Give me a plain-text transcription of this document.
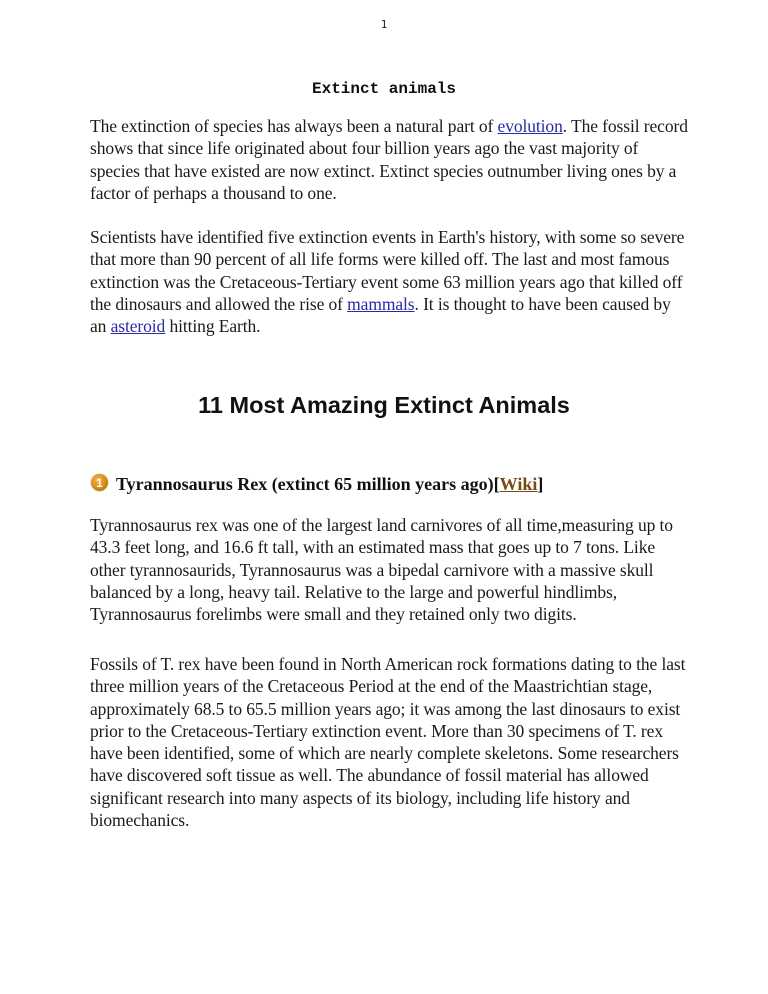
1
Extinct animals

The extinction of species has always been a natural part of evolution. The fossil record shows that since life originated about four billion years ago the vast majority of species that have existed are now extinct. Extinct species outnumber living ones by a factor of perhaps a thousand to one.

Scientists have identified five extinction events in Earth's history, with some so severe that more than 90 percent of all life forms were killed off. The last and most famous extinction was the Cretaceous-Tertiary event some 63 million years ago that killed off the dinosaurs and allowed the rise of mammals. It is thought to have been caused by an asteroid hitting Earth.

11 Most Amazing Extinct Animals
1 Tyrannosaurus Rex (extinct 65 million years ago) [ Wiki ]

Tyrannosaurus rex was one of the largest land carnivores of all time,measuring up to 43.3 feet long, and 16.6 ft tall, with an estimated mass that goes up to 7 tons. Like other tyrannosaurids, Tyrannosaurus was a bipedal carnivore with a massive skull balanced by a long, heavy tail. Relative to the large and powerful hindlimbs, Tyrannosaurus forelimbs were small and they retained only two digits.

Fossils of T. rex have been found in North American rock formations dating to the last three million years of the Cretaceous Period at the end of the Maastrichtian stage, approximately 68.5 to 65.5 million years ago; it was among the last dinosaurs to exist prior to the Cretaceous-Tertiary extinction event. More than 30 specimens of T. rex have been identified, some of which are nearly complete skeletons. Some researchers have discovered soft tissue as well. The abundance of fossil material has allowed significant research into many aspects of its biology, including life history and biomechanics.
